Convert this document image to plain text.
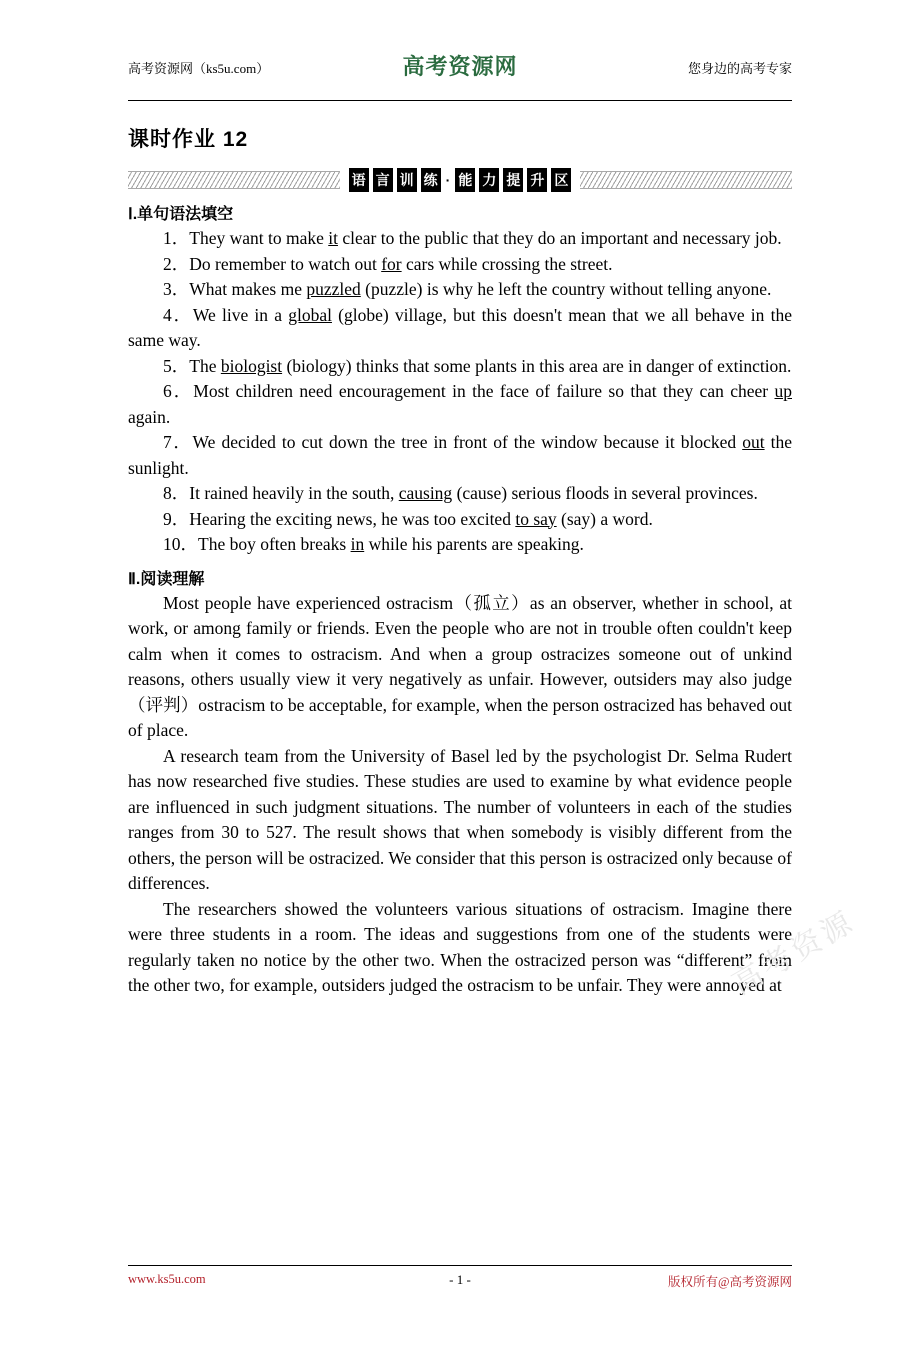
高考资源网（ks5u.com）	高考资源网	您身边的高考专家
课时作业 12
语 言 训 练 · 能 力 提 升 区
Ⅰ.单句语法填空

1．They want to make it clear to the public that they do an important and necessary job.

2．Do remember to watch out for cars while crossing the street.

3．What makes me puzzled (puzzle) is why he left the country without telling anyone.

4．We live in a global (globe) village, but this doesn't mean that we all behave in the same way.

5．The biologist (biology) thinks that some plants in this area are in danger of extinction.

6．Most children need encouragement in the face of failure so that they can cheer up again.

7．We decided to cut down the tree in front of the window because it blocked out the sunlight.

8．It rained heavily in the south, causing (cause) serious floods in several provinces.

9．Hearing the exciting news, he was too excited to say (say) a word.

10．The boy often breaks in while his parents are speaking.

Ⅱ.阅读理解

Most people have experienced ostracism（孤立）as an observer, whether in school, at work, or among family or friends. Even the people who are not in trouble often couldn't keep calm when it comes to ostracism. And when a group ostracizes someone out of unkind reasons, others usually view it very negatively as unfair. However, outsiders may also judge（评判）ostracism to be acceptable, for example, when the person ostracized has behaved out of place.

A research team from the University of Basel led by the psychologist Dr. Selma Rudert has now researched five studies. These studies are used to examine by what evidence people are influenced in such judgment situations. The number of volunteers in each of the studies ranges from 30 to 527. The result shows that when somebody is visibly different from the others, the person will be ostracized. We consider that this person is ostracized only because of differences.

The researchers showed the volunteers various situations of ostracism. Imagine there were three students in a room. The ideas and suggestions from one of the students were regularly taken no notice by the other two. When the ostracized person was “different” from the other two, for example, outsiders judged the ostracism to be unfair. They were annoyed at

高考资源
www.ks5u.com	- 1 -	版权所有@高考资源网
